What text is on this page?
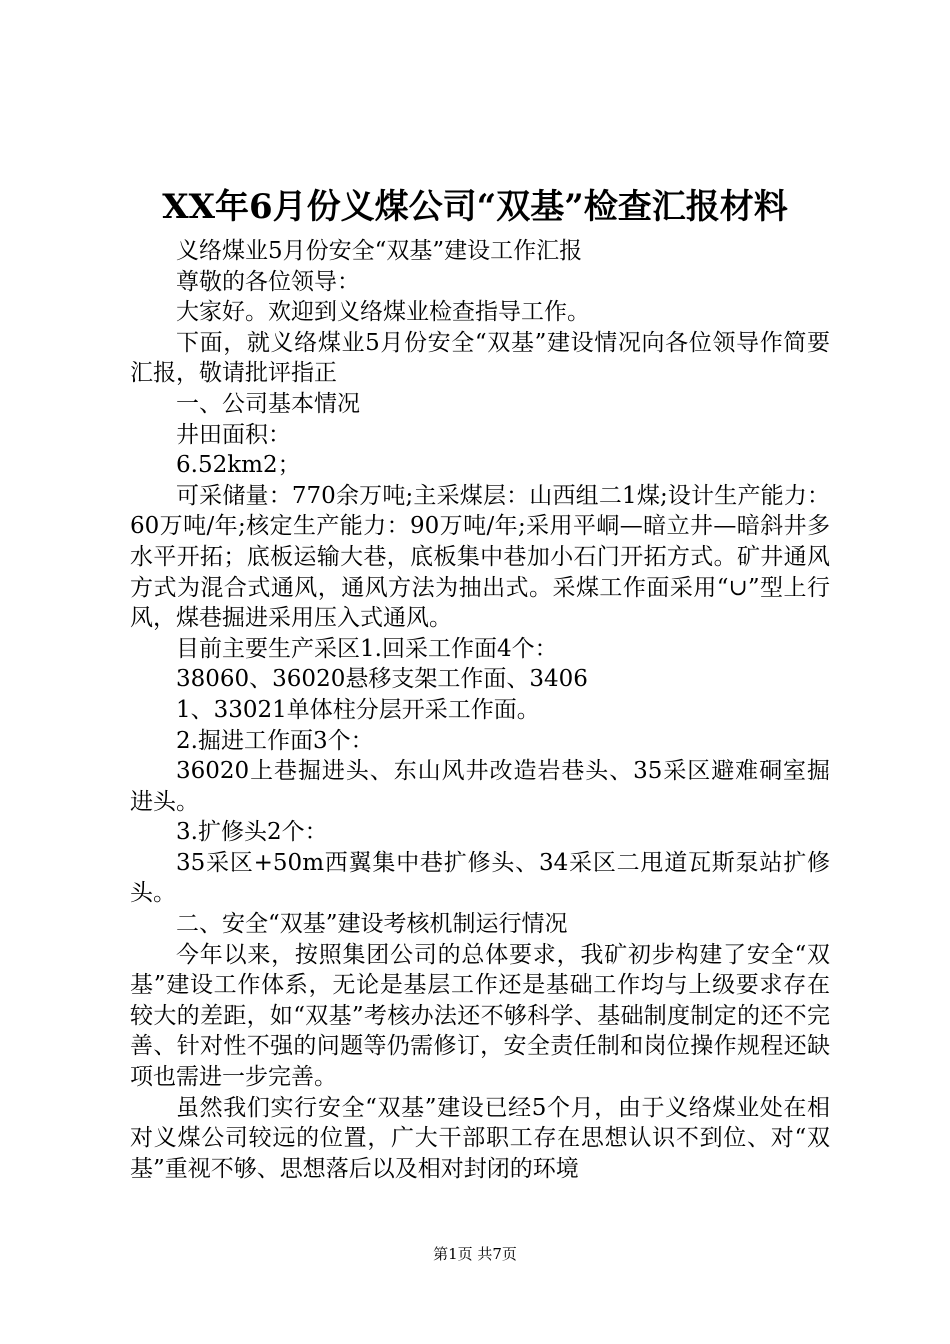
XX年6月份义煤公司“双基”检查汇报材料

义络煤业5月份安全“双基”建设工作汇报

尊敬的各位领导：

大家好。欢迎到义络煤业检查指导工作。

下面，就义络煤业5月份安全“双基”建设情况向各位领导作简要汇报，敬请批评指正

一、公司基本情况

井田面积：

6.52km2；

可采储量：770余万吨;主采煤层：山西组二1煤;设计生产能力：60万吨/年;核定生产能力：90万吨/年;采用平峒—暗立井—暗斜井多水平开拓；底板运输大巷，底板集中巷加小石门开拓方式。矿井通风方式为混合式通风，通风方法为抽出式。采煤工作面采用“∪”型上行风，煤巷掘进采用压入式通风。

目前主要生产采区1.回采工作面4个：

38060、36020悬移支架工作面、3406

1、33021单体柱分层开采工作面。

2.掘进工作面3个：

36020上巷掘进头、东山风井改造岩巷头、35采区避难硐室掘进头。

3.扩修头2个：

35采区+50m西翼集中巷扩修头、34采区二甩道瓦斯泵站扩修头。

二、安全“双基”建设考核机制运行情况

今年以来，按照集团公司的总体要求，我矿初步构建了安全“双基”建设工作体系，无论是基层工作还是基础工作均与上级要求存在较大的差距，如“双基”考核办法还不够科学、基础制度制定的还不完善、针对性不强的问题等仍需修订，安全责任制和岗位操作规程还缺项也需进一步完善。

虽然我们实行安全“双基”建设已经5个月，由于义络煤业处在相对义煤公司较远的位置，广大干部职工存在思想认识不到位、对“双基”重视不够、思想落后以及相对封闭的环境

第1页 共7页
